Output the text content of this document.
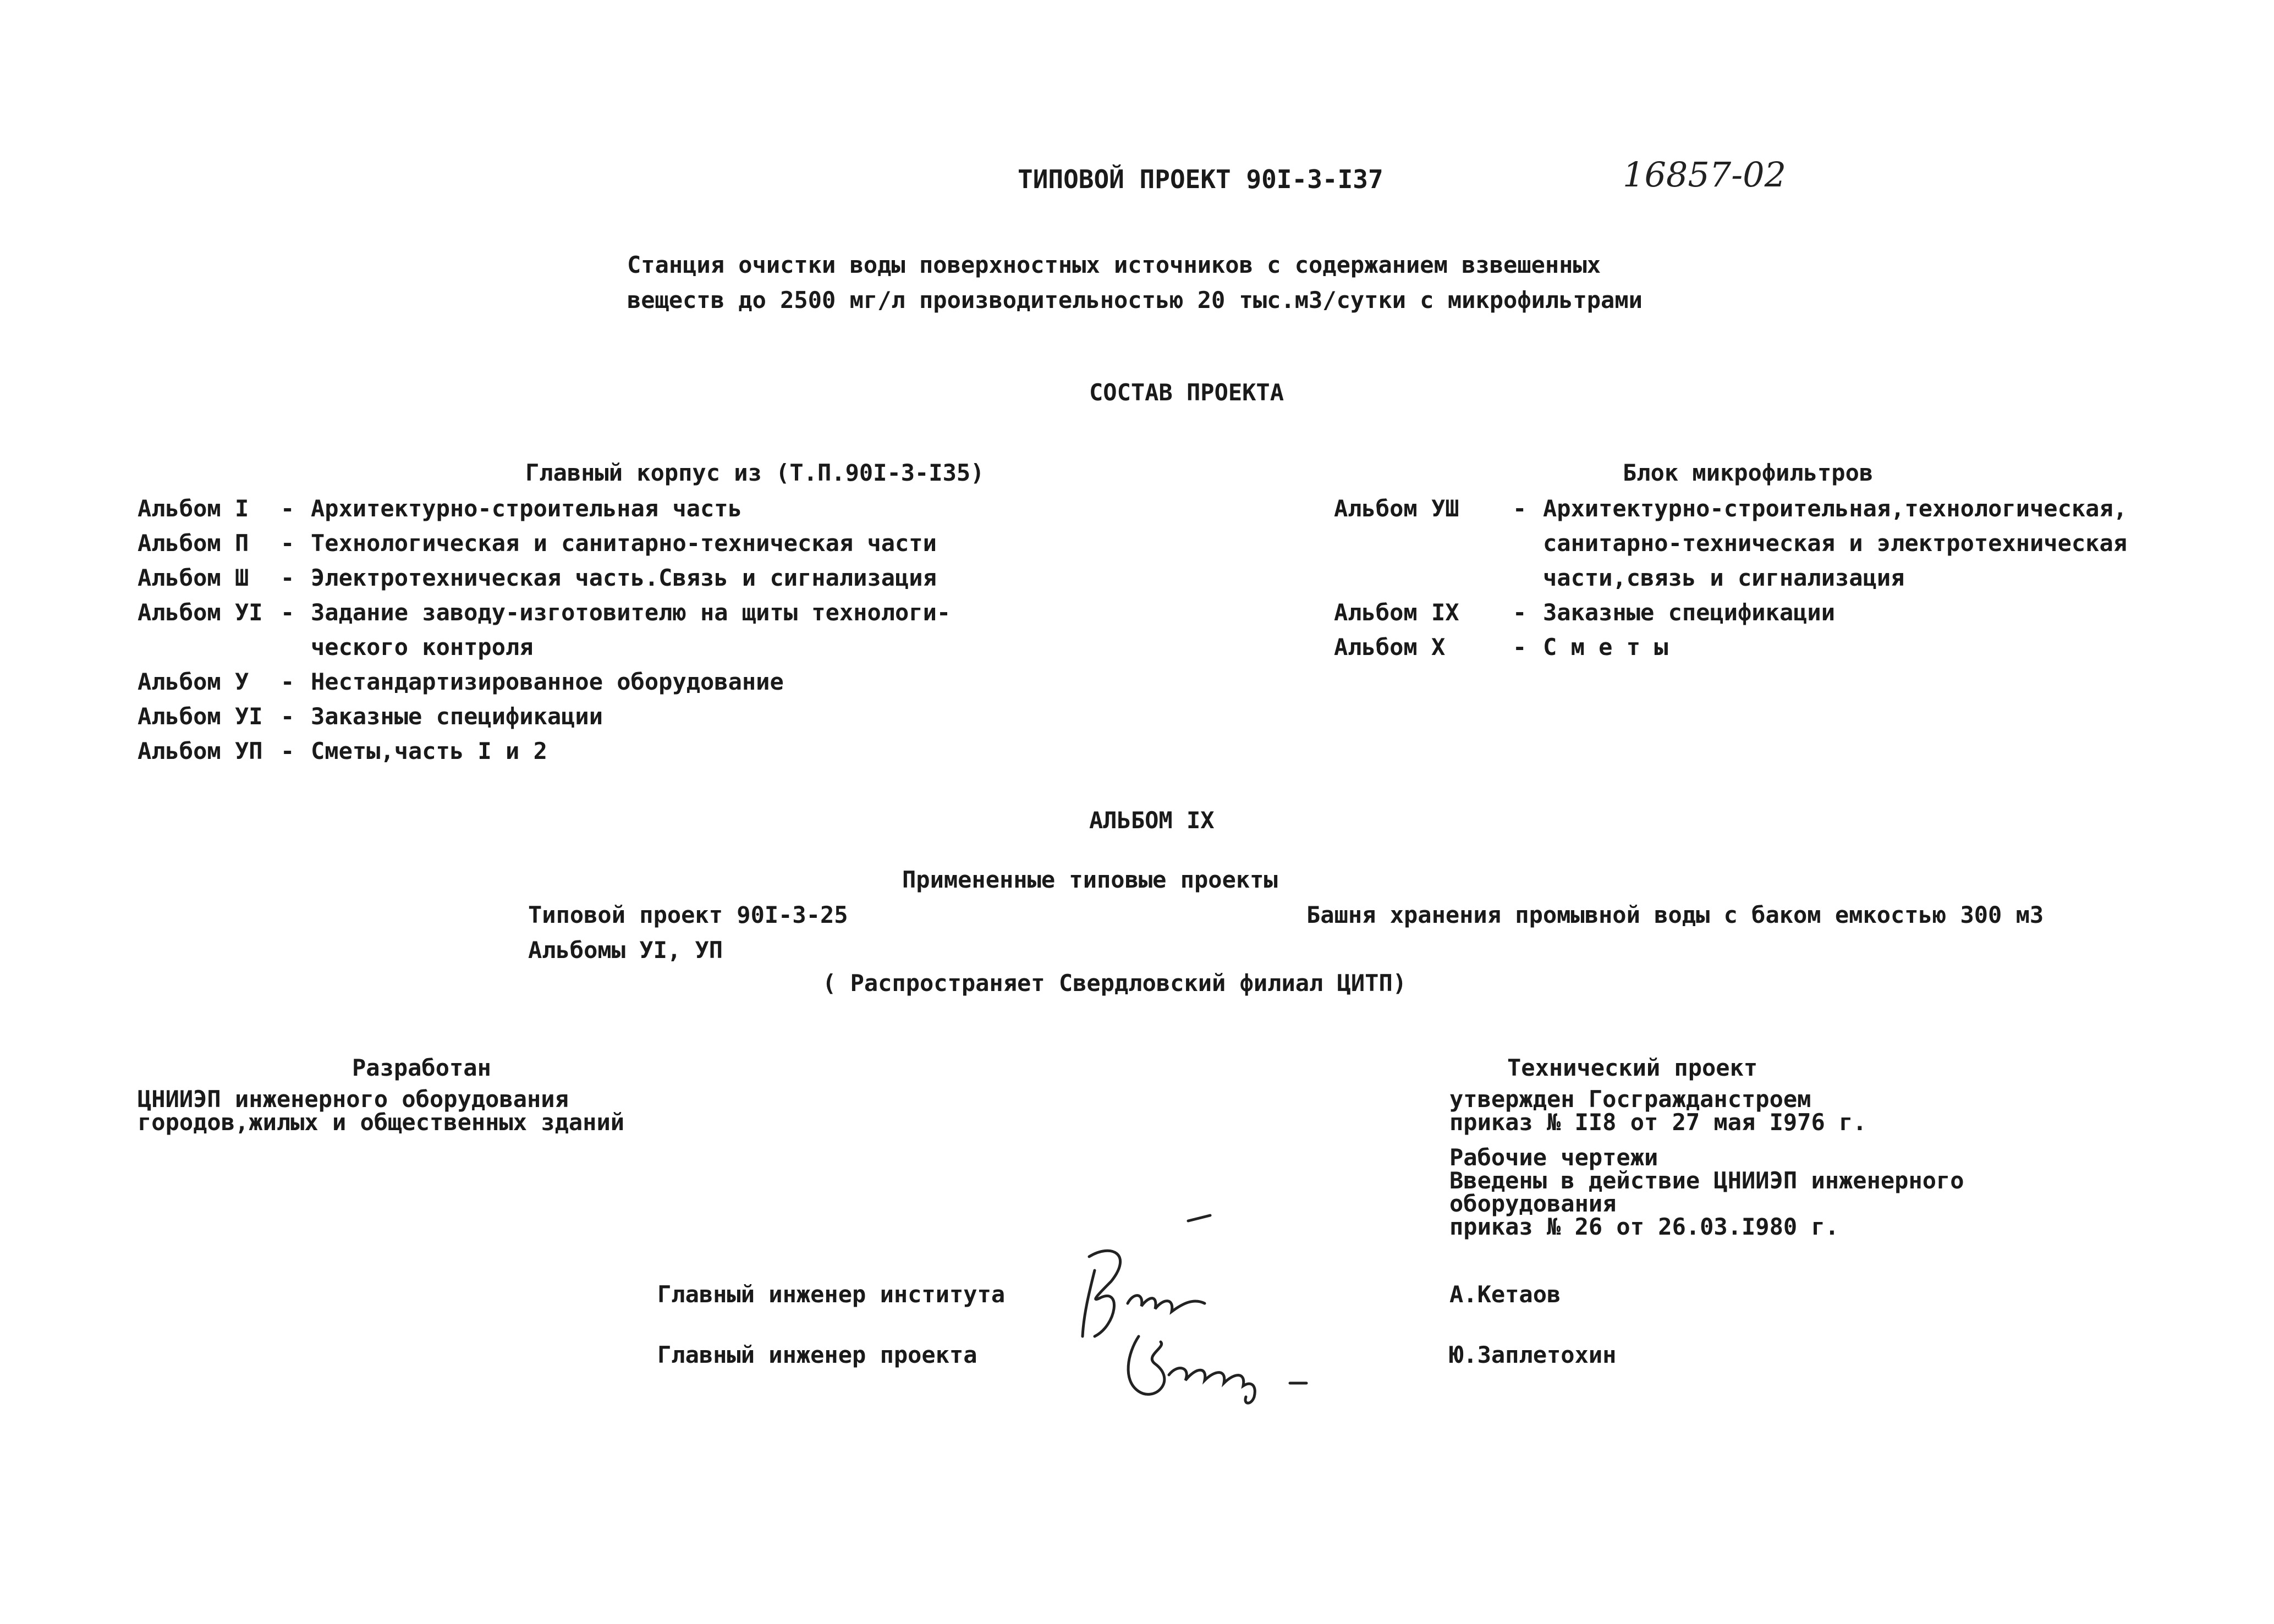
ТИПОВОЙ ПРОЕКТ 90I-3-I37	16857-02
Станция очистки воды поверхностных источников с содержанием взвешенных
веществ до 2500 мг/л производительностью 20 тыс.м3/сутки с микрофильтрами
СОСТАВ ПРОЕКТА
Главный корпус из (Т.П.90I-3-I35)
Альбом I - Архитектурно-строительная часть
Альбом П - Технологическая и санитарно-техническая части
Альбом Ш - Электротехническая часть.Связь и сигнализация
Альбом УI - Задание заводу-изготовителю на щиты технологи-
ческого контроля
Альбом У - Нестандартизированное оборудование
Альбом УI - Заказные спецификации
Альбом УП - Сметы,часть I и 2
Блок микрофильтров
Альбом УШ - Архитектурно-строительная,технологическая,
санитарно-техническая и электротехническая
части,связь и сигнализация
Альбом IX - Заказные спецификации
Альбом Х	- С м е т ы
АЛЬБОМ IX
Примененные типовые проекты
Типовой проект 90I-3-25	Башня хранения промывной воды с баком емкостью 300 м3
Альбомы УI, УП
( Распространяет Свердловский филиал ЦИТП)
Разработан
ЦНИИЭП инженерного оборудования
городов,жилых и общественных зданий
Технический проект
утвержден Госгражданстроем
приказ № II8 от 27 мая I976 г.
Рабочие чертежи
Введены в действие ЦНИИЭП инженерного
оборудования
приказ № 26 от 26.03.I980 г.
Главный инженер института	А.Кетаов
Главный инженер проекта	Ю.Заплетохин
